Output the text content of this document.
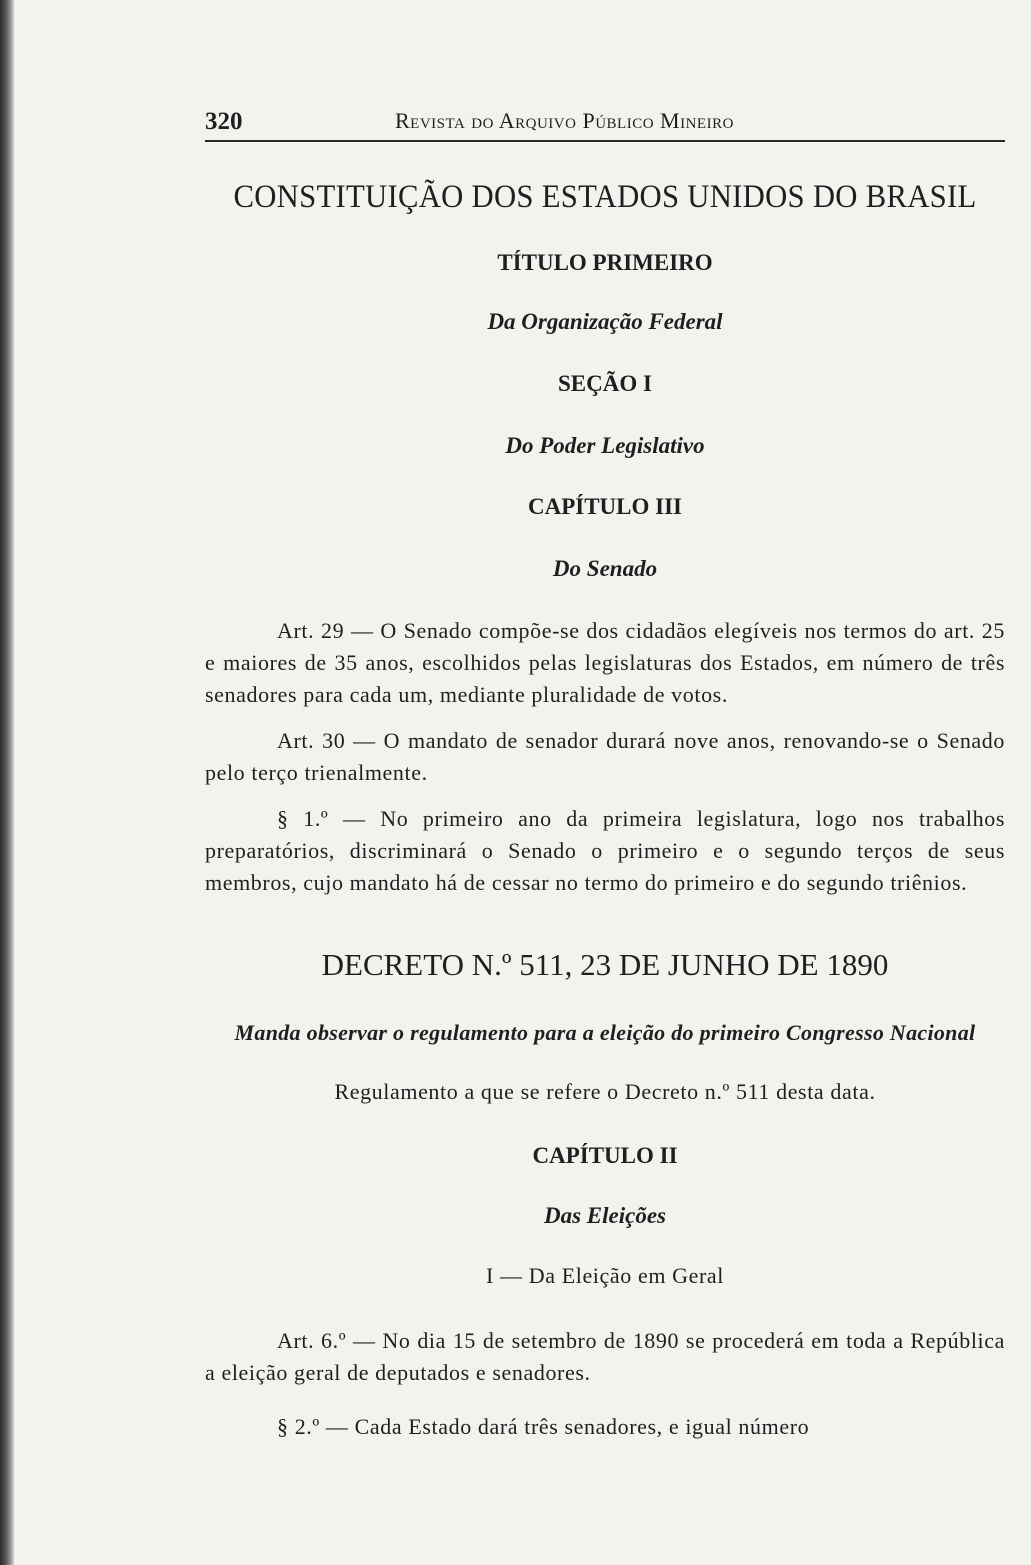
320	Revista do Arquivo Público Mineiro

CONSTITUIÇÃO DOS ESTADOS UNIDOS DO BRASIL

TÍTULO PRIMEIRO

Da Organização Federal

SEÇÃO I

Do Poder Legislativo

CAPÍTULO III

Do Senado

Art. 29 — O Senado compõe-se dos cidadãos elegíveis nos termos do art. 25 e maiores de 35 anos, escolhidos pelas legislaturas dos Estados, em número de três senadores para cada um, mediante pluralidade de votos.

Art. 30 — O mandato de senador durará nove anos, renovando-se o Senado pelo terço trienalmente.

§ 1.º — No primeiro ano da primeira legislatura, logo nos trabalhos preparatórios, discriminará o Senado o primeiro e o segundo terços de seus membros, cujo mandato há de cessar no termo do primeiro e do segundo triênios.

DECRETO N.º 511, 23 DE JUNHO DE 1890

Manda observar o regulamento para a eleição do primeiro Congresso Nacional

Regulamento a que se refere o Decreto n.º 511 desta data.

CAPÍTULO II

Das Eleições

I — Da Eleição em Geral

Art. 6.º — No dia 15 de setembro de 1890 se procederá em toda a República a eleição geral de deputados e senadores.

§ 2.º — Cada Estado dará três senadores, e igual número
